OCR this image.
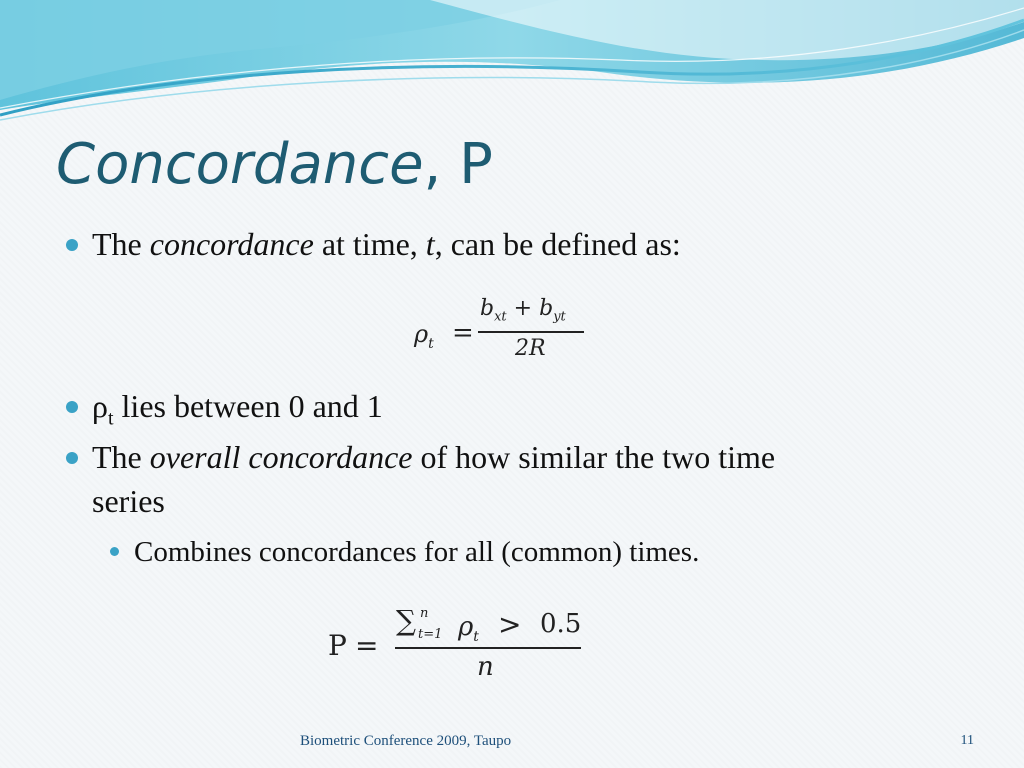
Concordance, P
The concordance at time, t, can be defined as:
$\rho_t$ =
$b_{xt} + b_{yt}$
2R
$\rho_t$ lies between 0 and 1
The overall concordance of how similar the two time
series
Combines concordances for all (common) times.
P =
∑ n
t=1 $\rho_t > 0.5$
n
Biometric Conference 2009, Taupo	11
